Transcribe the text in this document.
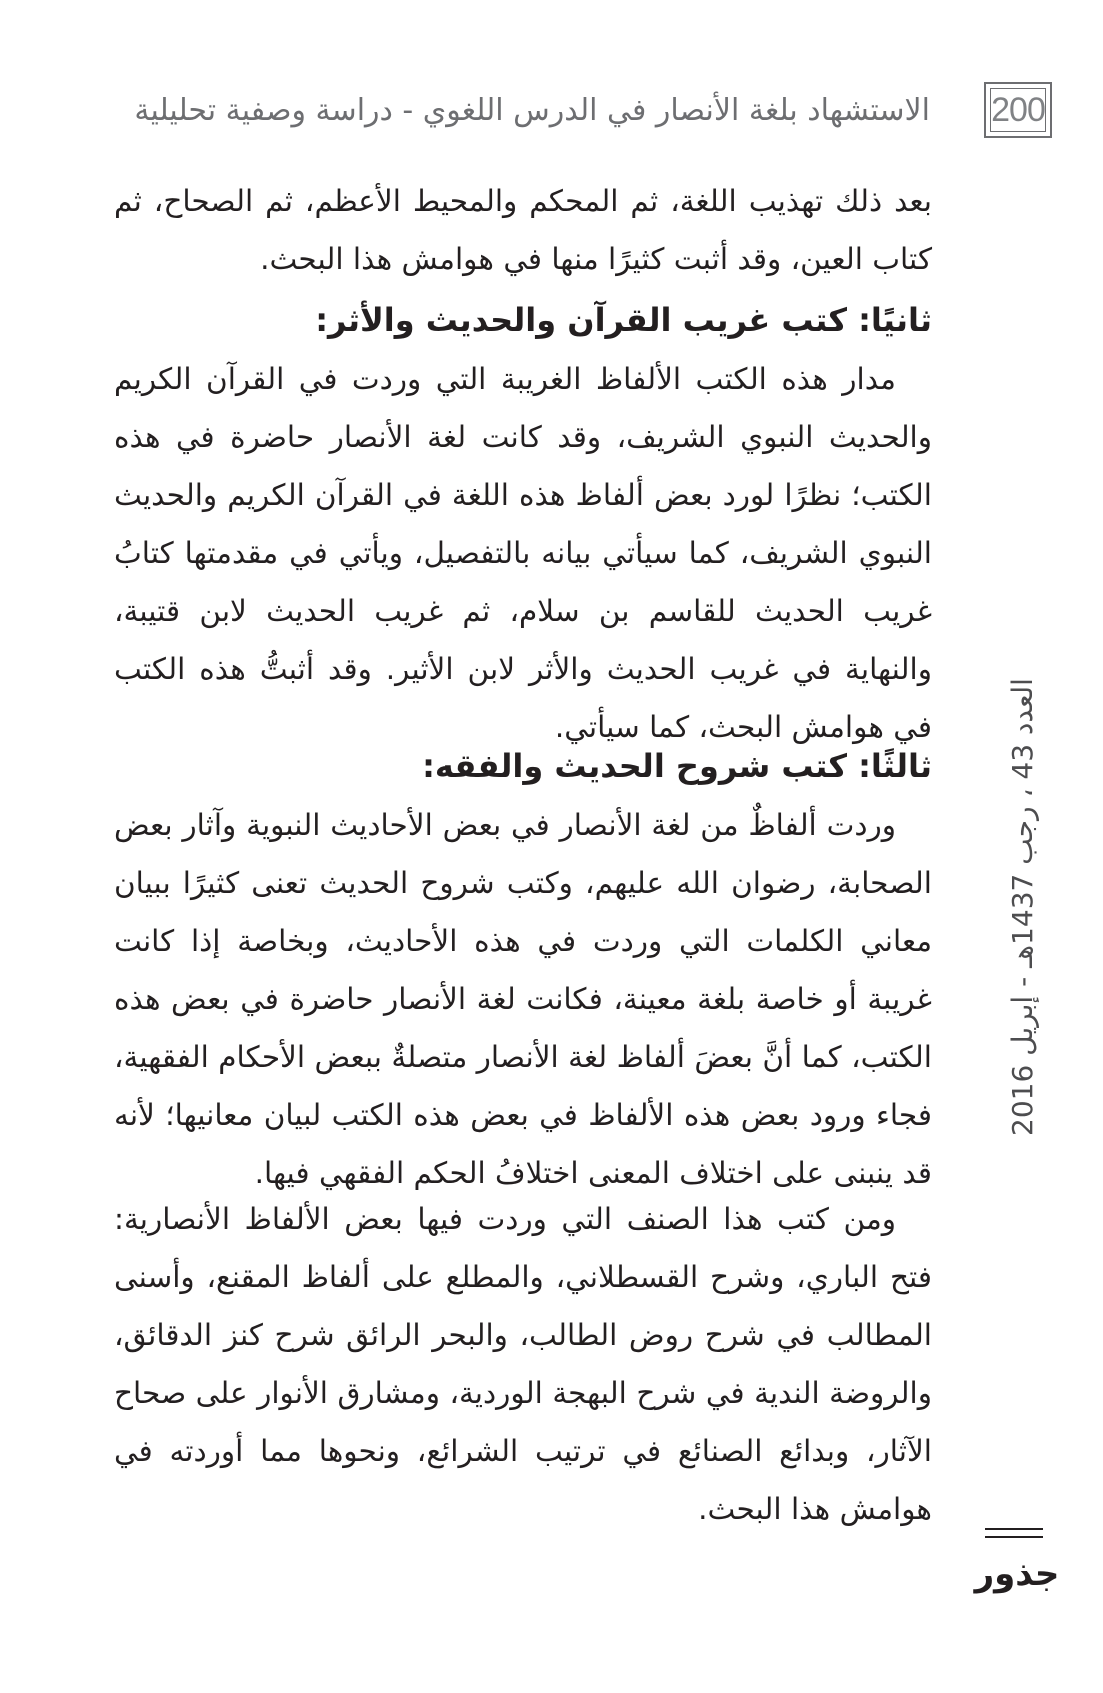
200
الاستشهاد بلغة الأنصار في الدرس اللغوي - دراسة وصفية تحليلية

بعد ذلك تهذيب اللغة، ثم المحكم والمحيط الأعظم، ثم الصحاح، ثم كتاب العين، وقد أثبت كثيرًا منها في هوامش هذا البحث.

ثانيًا: كتب غريب القرآن والحديث والأثر:

مدار هذه الكتب الألفاظ الغريبة التي وردت في القرآن الكريم والحديث النبوي الشريف، وقد كانت لغة الأنصار حاضرة في هذه الكتب؛ نظرًا لورد بعض ألفاظ هذه اللغة في القرآن الكريم والحديث النبوي الشريف، كما سيأتي بيانه بالتفصيل، ويأتي في مقدمتها كتابُ غريب الحديث للقاسم بن سلام، ثم غريب الحديث لابن قتيبة، والنهاية في غريب الحديث والأثر لابن الأثير. وقد أثبتُّ هذه الكتب في هوامش البحث، كما سيأتي.

ثالثًا: كتب شروح الحديث والفقه:

وردت ألفاظٌ من لغة الأنصار في بعض الأحاديث النبوية وآثار بعض الصحابة، رضوان الله عليهم، وكتب شروح الحديث تعنى كثيرًا ببيان معاني الكلمات التي وردت في هذه الأحاديث، وبخاصة إذا كانت غريبة أو خاصة بلغة معينة، فكانت لغة الأنصار حاضرة في بعض هذه الكتب، كما أنَّ بعضَ ألفاظ لغة الأنصار متصلةٌ ببعض الأحكام الفقهية، فجاء ورود بعض هذه الألفاظ في بعض هذه الكتب لبيان معانيها؛ لأنه قد ينبنى على اختلاف المعنى اختلافُ الحكم الفقهي فيها.

ومن كتب هذا الصنف التي وردت فيها بعض الألفاظ الأنصارية: فتح الباري، وشرح القسطلاني، والمطلع على ألفاظ المقنع، وأسنى المطالب في شرح روض الطالب، والبحر الرائق شرح كنز الدقائق، والروضة الندية في شرح البهجة الوردية، ومشارق الأنوار على صحاح الآثار، وبدائع الصنائع في ترتيب الشرائع، ونحوها مما أوردته في هوامش هذا البحث.

العدد 43 ، رجب 1437هـ - إبريل 2016
جذور
